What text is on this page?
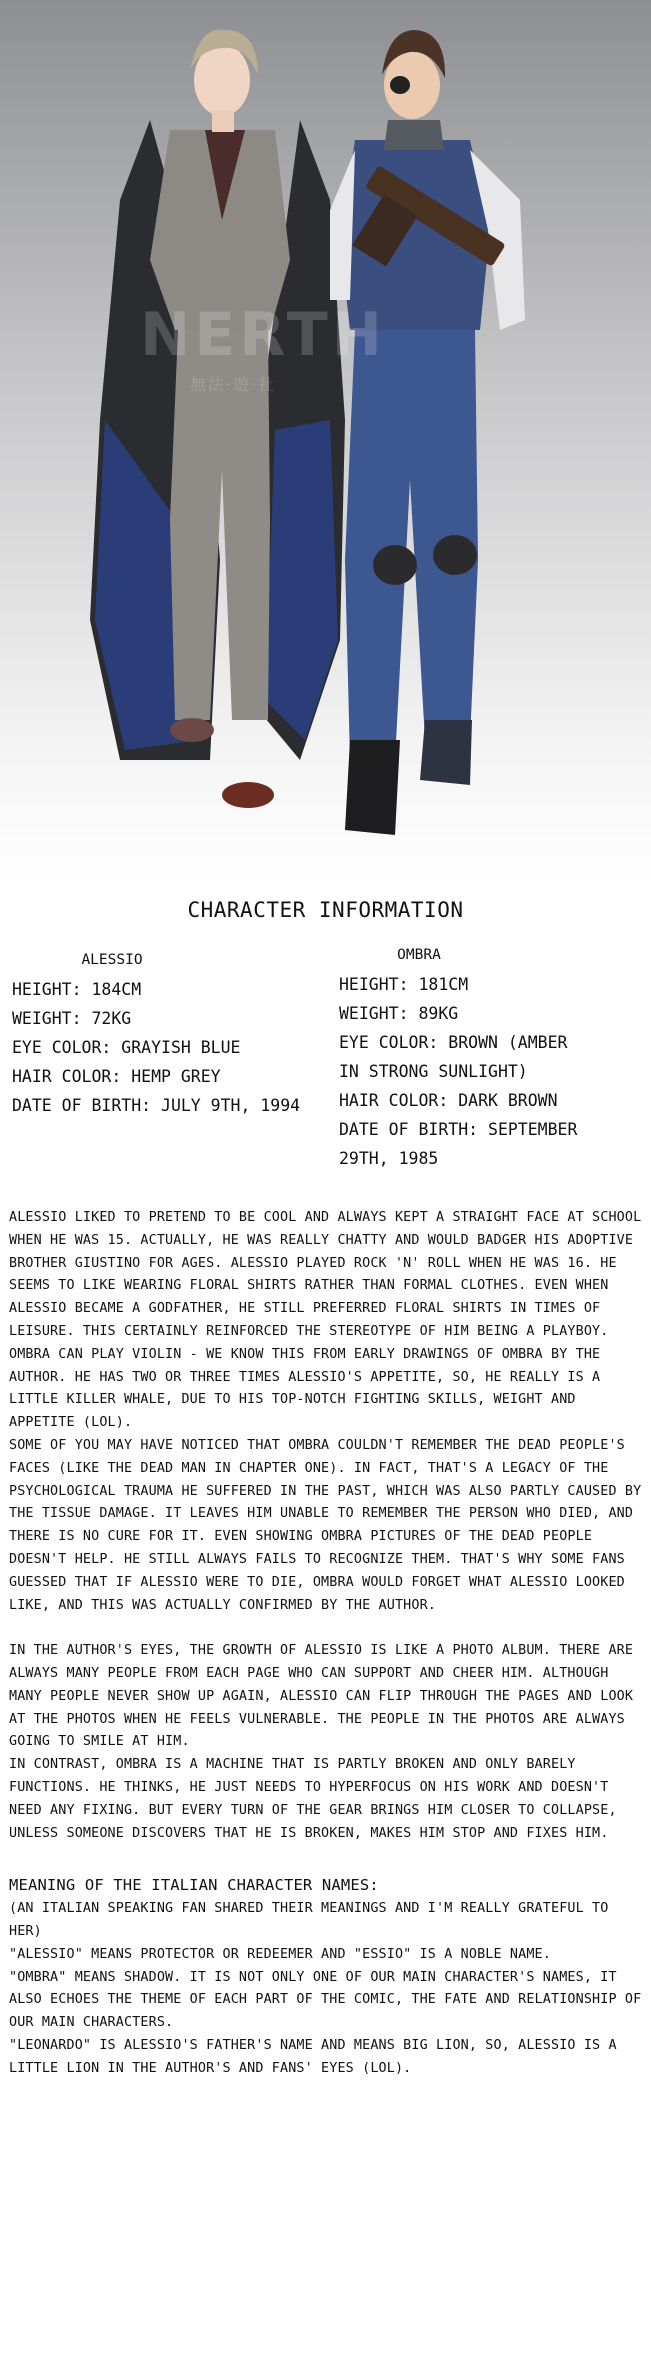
NERTH
無法·遊·社
CHARACTER INFORMATION

ALESSIO

HEIGHT: 184CM

WEIGHT: 72KG

EYE COLOR: GRAYISH BLUE

HAIR COLOR: HEMP GREY

DATE OF BIRTH: JULY 9TH, 1994

OMBRA

HEIGHT: 181CM

WEIGHT: 89KG

EYE COLOR: BROWN (AMBER

IN STRONG SUNLIGHT)

HAIR COLOR: DARK BROWN

DATE OF BIRTH: SEPTEMBER

29TH, 1985

ALESSIO LIKED TO PRETEND TO BE COOL AND ALWAYS KEPT A STRAIGHT FACE AT SCHOOL WHEN HE WAS 15. ACTUALLY, HE WAS REALLY CHATTY AND WOULD BADGER HIS ADOPTIVE BROTHER GIUSTINO FOR AGES. ALESSIO PLAYED ROCK 'N' ROLL WHEN HE WAS 16. HE SEEMS TO LIKE WEARING FLORAL SHIRTS RATHER THAN FORMAL CLOTHES. EVEN WHEN ALESSIO BECAME A GODFATHER, HE STILL PREFERRED FLORAL SHIRTS IN TIMES OF LEISURE. THIS CERTAINLY REINFORCED THE STEREOTYPE OF HIM BEING A PLAYBOY.

OMBRA CAN PLAY VIOLIN - WE KNOW THIS FROM EARLY DRAWINGS OF OMBRA BY THE AUTHOR. HE HAS TWO OR THREE TIMES ALESSIO'S APPETITE, SO, HE REALLY IS A LITTLE KILLER WHALE, DUE TO HIS TOP-NOTCH FIGHTING SKILLS, WEIGHT AND APPETITE (LOL).

SOME OF YOU MAY HAVE NOTICED THAT OMBRA COULDN'T REMEMBER THE DEAD PEOPLE'S FACES (LIKE THE DEAD MAN IN CHAPTER ONE). IN FACT, THAT'S A LEGACY OF THE PSYCHOLOGICAL TRAUMA HE SUFFERED IN THE PAST, WHICH WAS ALSO PARTLY CAUSED BY THE TISSUE DAMAGE. IT LEAVES HIM UNABLE TO REMEMBER THE PERSON WHO DIED, AND THERE IS NO CURE FOR IT. EVEN SHOWING OMBRA PICTURES OF THE DEAD PEOPLE DOESN'T HELP. HE STILL ALWAYS FAILS TO RECOGNIZE THEM. THAT'S WHY SOME FANS GUESSED THAT IF ALESSIO WERE TO DIE, OMBRA WOULD FORGET WHAT ALESSIO LOOKED LIKE, AND THIS WAS ACTUALLY CONFIRMED BY THE AUTHOR.

IN THE AUTHOR'S EYES, THE GROWTH OF ALESSIO IS LIKE A PHOTO ALBUM. THERE ARE ALWAYS MANY PEOPLE FROM EACH PAGE WHO CAN SUPPORT AND CHEER HIM. ALTHOUGH MANY PEOPLE NEVER SHOW UP AGAIN, ALESSIO CAN FLIP THROUGH THE PAGES AND LOOK AT THE PHOTOS WHEN HE FEELS VULNERABLE. THE PEOPLE IN THE PHOTOS ARE ALWAYS GOING TO SMILE AT HIM.

IN CONTRAST, OMBRA IS A MACHINE THAT IS PARTLY BROKEN AND ONLY BARELY FUNCTIONS. HE THINKS, HE JUST NEEDS TO HYPERFOCUS ON HIS WORK AND DOESN'T NEED ANY FIXING. BUT EVERY TURN OF THE GEAR BRINGS HIM CLOSER TO COLLAPSE, UNLESS SOMEONE DISCOVERS THAT HE IS BROKEN, MAKES HIM STOP AND FIXES HIM.

MEANING OF THE ITALIAN CHARACTER NAMES:

(AN ITALIAN SPEAKING FAN SHARED THEIR MEANINGS AND I'M REALLY GRATEFUL TO HER)

"ALESSIO" MEANS PROTECTOR OR REDEEMER AND "ESSIO" IS A NOBLE NAME.

"OMBRA" MEANS SHADOW. IT IS NOT ONLY ONE OF OUR MAIN CHARACTER'S NAMES, IT ALSO ECHOES THE THEME OF EACH PART OF THE COMIC, THE FATE AND RELATIONSHIP OF OUR MAIN CHARACTERS.

"LEONARDO" IS ALESSIO'S FATHER'S NAME AND MEANS BIG LION, SO, ALESSIO IS A LITTLE LION IN THE AUTHOR'S AND FANS' EYES (LOL).
